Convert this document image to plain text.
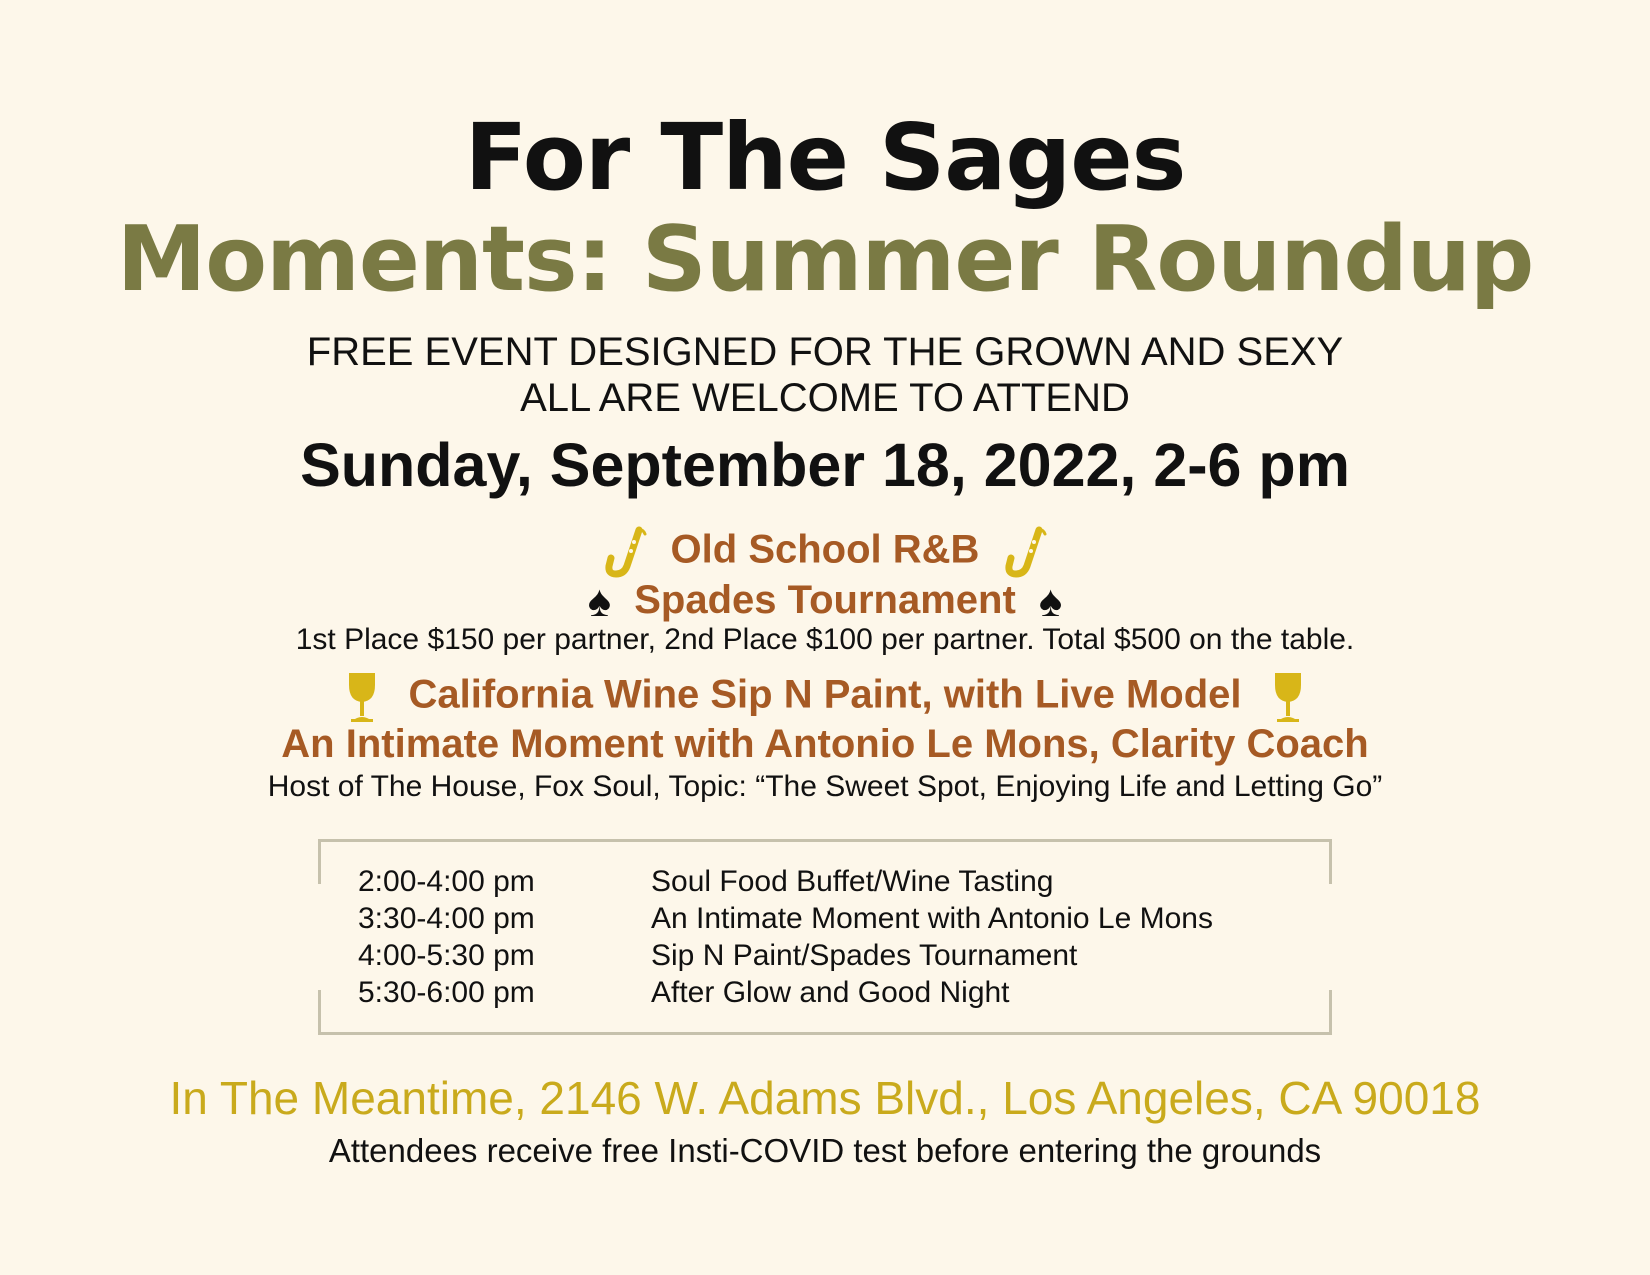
For The Sages
Moments: Summer Roundup
FREE EVENT DESIGNED FOR THE GROWN AND SEXY
ALL ARE WELCOME TO ATTEND
Sunday, September 18, 2022, 2-6 pm
Old School R&B
♠ Spades Tournament ♠
1st Place $150 per partner, 2nd Place $100 per partner. Total $500 on the table.
California Wine Sip N Paint, with Live Model
An Intimate Moment with Antonio Le Mons, Clarity Coach
Host of The House, Fox Soul, Topic: “The Sweet Spot, Enjoying Life and Letting Go”
2:00-4:00 pm	Soul Food Buffet/Wine Tasting
3:30-4:00 pm	An Intimate Moment with Antonio Le Mons
4:00-5:30 pm	Sip N Paint/Spades Tournament
5:30-6:00 pm	After Glow and Good Night
In The Meantime, 2146 W. Adams Blvd., Los Angeles, CA 90018
Attendees receive free Insti-COVID test before entering the grounds
